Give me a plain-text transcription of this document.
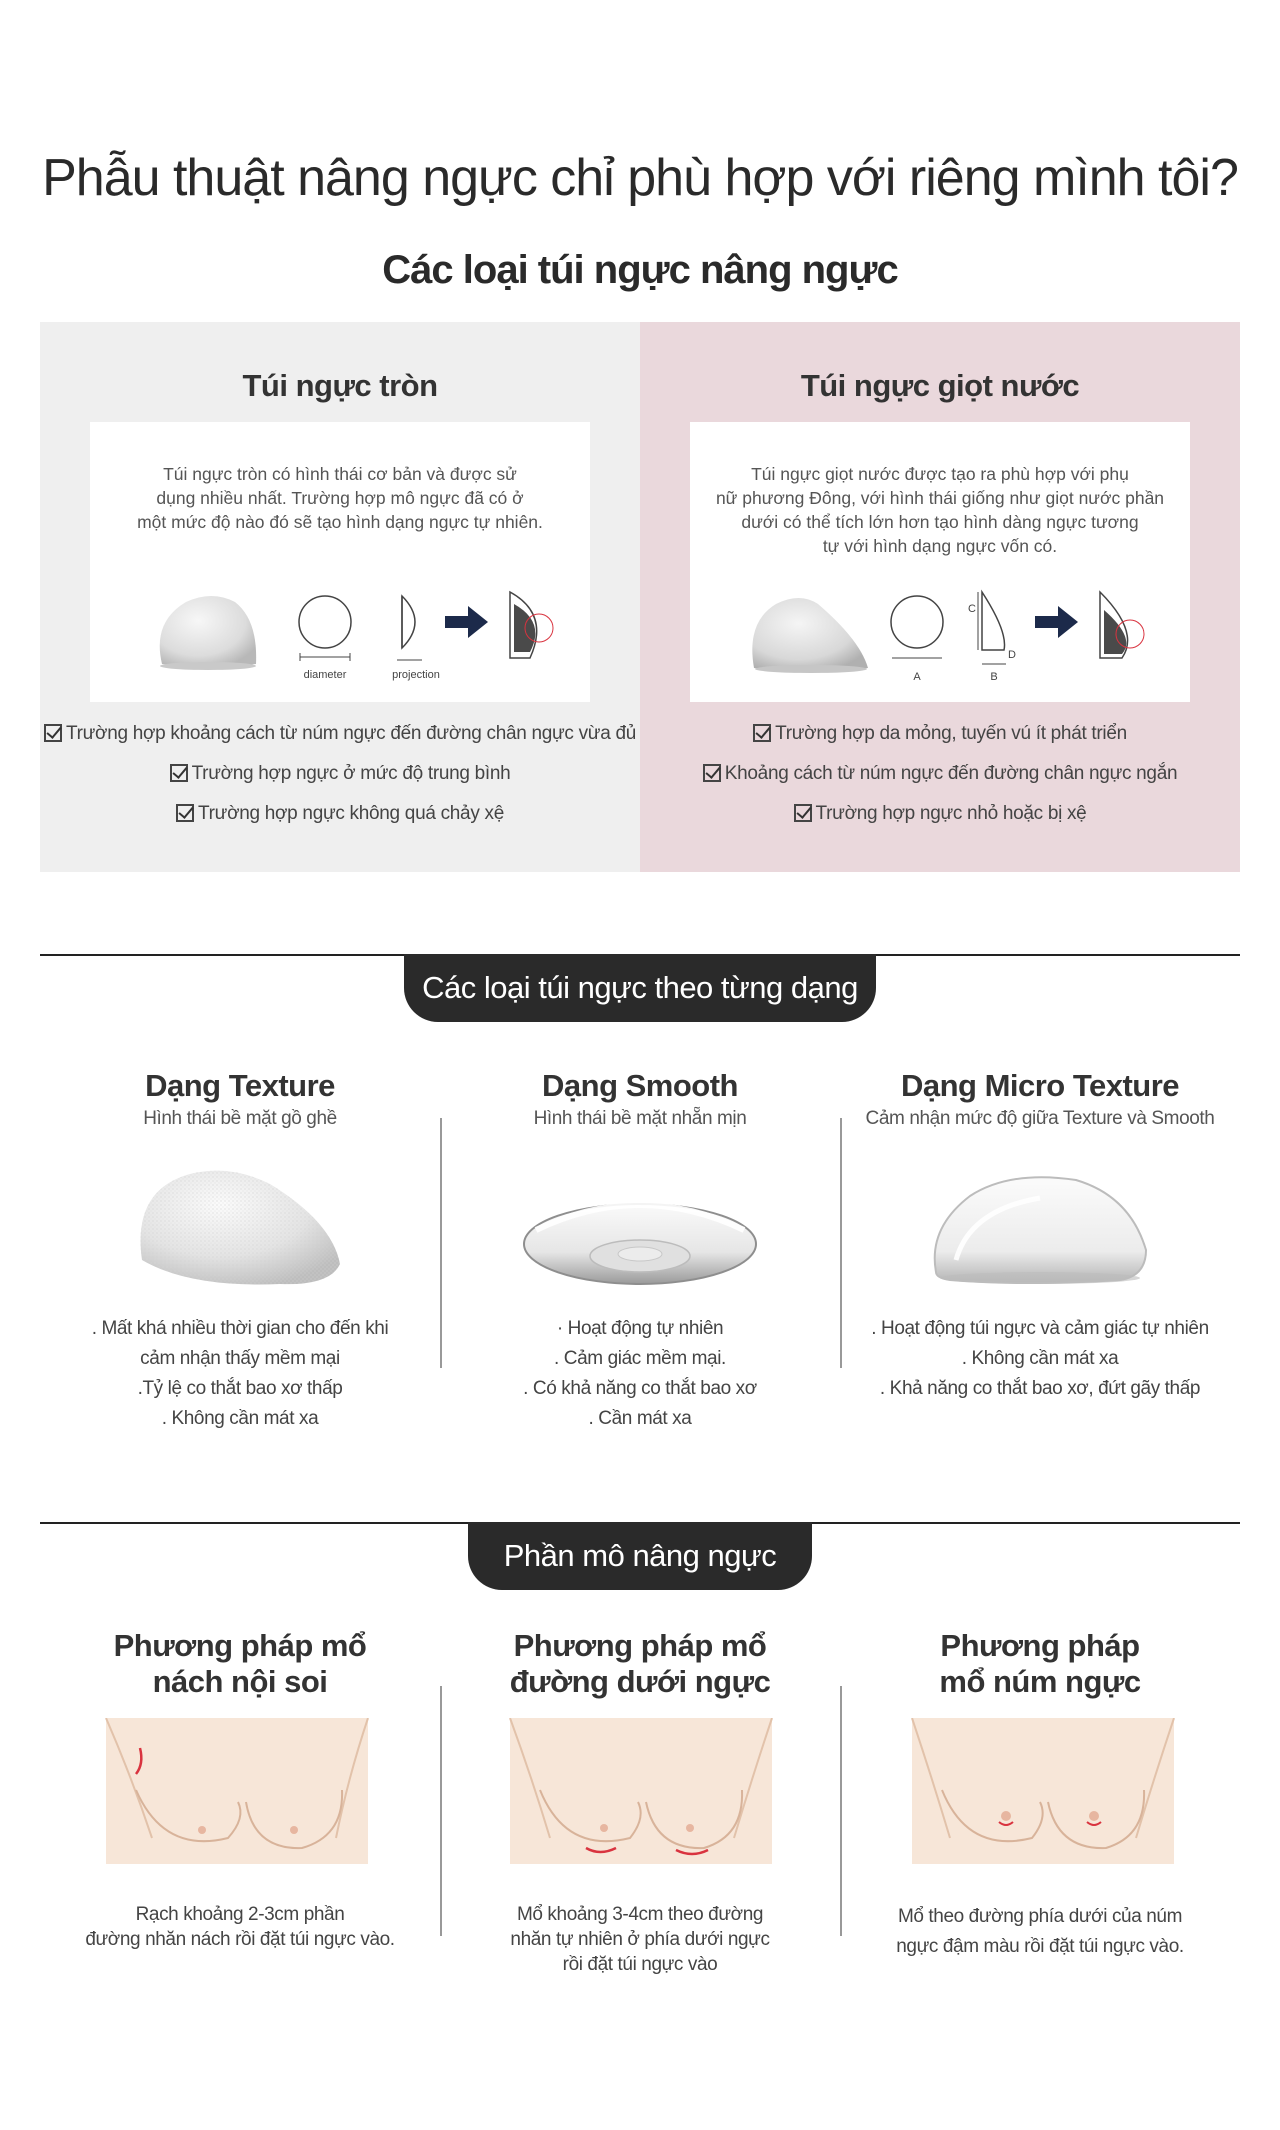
Phẫu thuật nâng ngực chỉ phù hợp với riêng mình tôi?
Các loại túi ngực nâng ngực
Túi ngực tròn
Túi ngực tròn có hình thái cơ bản và được sử
dụng nhiều nhất. Trường hợp mô ngực đã có ở
một mức độ nào đó sẽ tạo hình dạng ngực tự nhiên.
diameter	projection
Trường hợp khoảng cách từ núm ngực đến đường chân ngực vừa đủ
Trường hợp ngực ở mức độ trung bình
Trường hợp ngực không quá chảy xệ
Túi ngực giọt nước
Túi ngực giọt nước được tạo ra phù hợp với phụ
nữ phương Đông, với hình thái giống như giọt nước phần
dưới có thể tích lớn hơn tạo hình dàng ngực tương
tự với hình dạng ngực vốn có.
A
C
D
B
Trường hợp da mỏng, tuyến vú ít phát triển
Khoảng cách từ núm ngực đến đường chân ngực ngắn
Trường hợp ngực nhỏ hoặc bị xệ
Các loại túi ngực theo từng dạng
Dạng Texture
Hình thái bề mặt gồ ghề
. Mất khá nhiều thời gian cho đến khi
cảm nhận thấy mềm mại
.Tỷ lệ co thắt bao xơ thấp
. Không cần mát xa
Dạng Smooth
Hình thái bề mặt nhẵn mịn
· Hoạt động tự nhiên
. Cảm giác mềm mại.
. Có khả năng co thắt bao xơ
. Cần mát xa
Dạng Micro Texture
Cảm nhận mức độ giữa Texture và Smooth
. Hoạt động túi ngực và cảm giác tự nhiên
. Không cần mát xa
. Khả năng co thắt bao xơ, đứt gãy thấp
Phần mô nâng ngực
Phương pháp mổ
nách nội soi
Rạch khoảng 2-3cm phần
đường nhăn nách rồi đặt túi ngực vào.
Phương pháp mổ
đường dưới ngực
Mổ khoảng 3-4cm theo đường
nhăn tự nhiên ở phía dưới ngực
rồi đặt túi ngực vào
Phương pháp
mổ núm ngực
Mổ theo đường phía dưới của núm
ngực đậm màu rồi đặt túi ngực vào.
